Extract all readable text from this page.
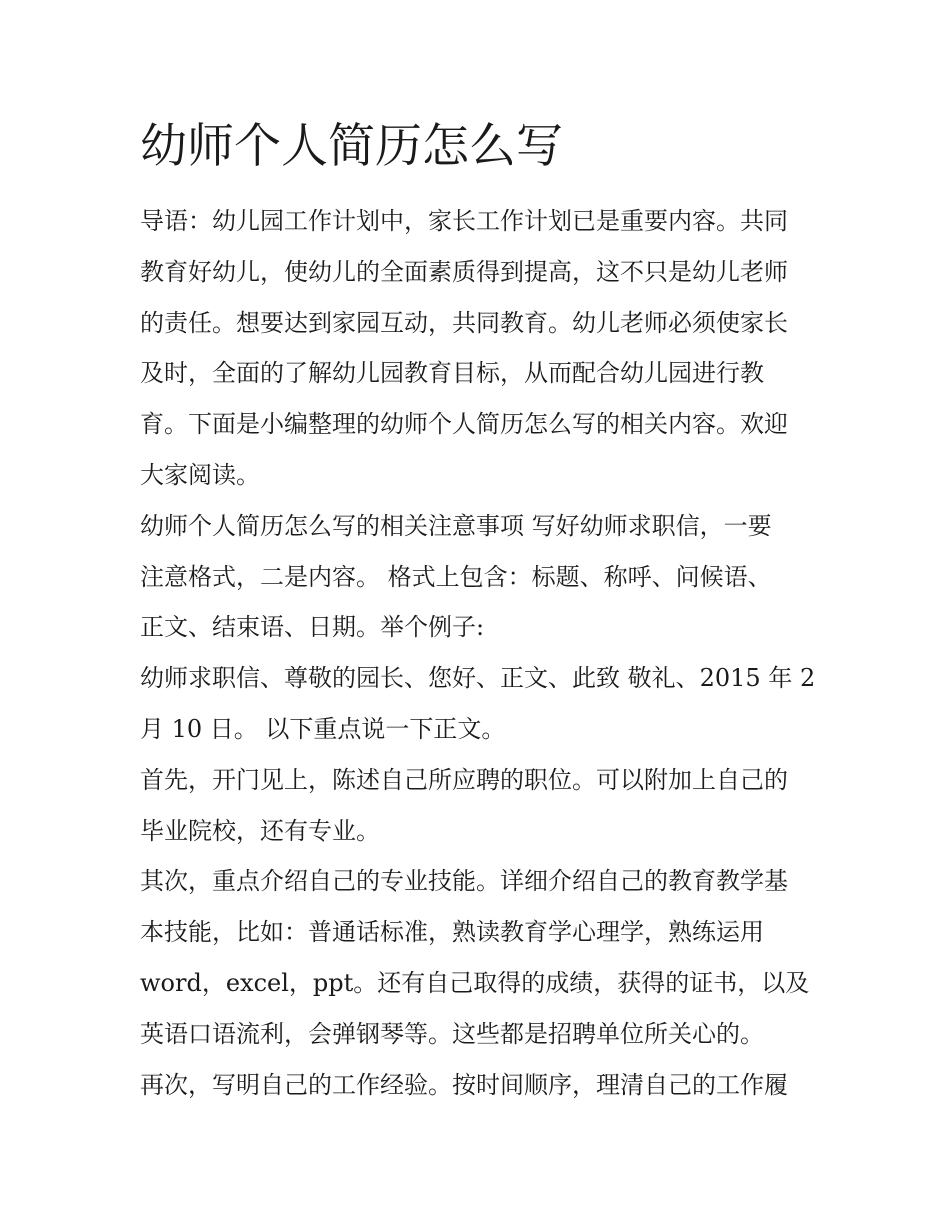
幼师个人简历怎么写
导语：幼儿园工作计划中，家长工作计划已是重要内容。共同
教育好幼儿，使幼儿的全面素质得到提高，这不只是幼儿老师
的责任。想要达到家园互动，共同教育。幼儿老师必须使家长
及时，全面的了解幼儿园教育目标，从而配合幼儿园进行教
育。下面是小编整理的幼师个人简历怎么写的相关内容。欢迎
大家阅读。
幼师个人简历怎么写的相关注意事项 写好幼师求职信，一要
注意格式，二是内容。 格式上包含：标题、称呼、问候语、
正文、结束语、日期。举个例子:
幼师求职信、尊敬的园长、您好、正文、此致 敬礼、2015 年 2
月 10 日。 以下重点说一下正文。
首先，开门见上，陈述自己所应聘的职位。可以附加上自己的
毕业院校，还有专业。
其次，重点介绍自己的专业技能。详细介绍自己的教育教学基
本技能，比如：普通话标准，熟读教育学心理学，熟练运用
word，excel，ppt。还有自己取得的成绩，获得的证书，以及
英语口语流利，会弹钢琴等。这些都是招聘单位所关心的。
再次，写明自己的工作经验。按时间顺序，理清自己的工作履
